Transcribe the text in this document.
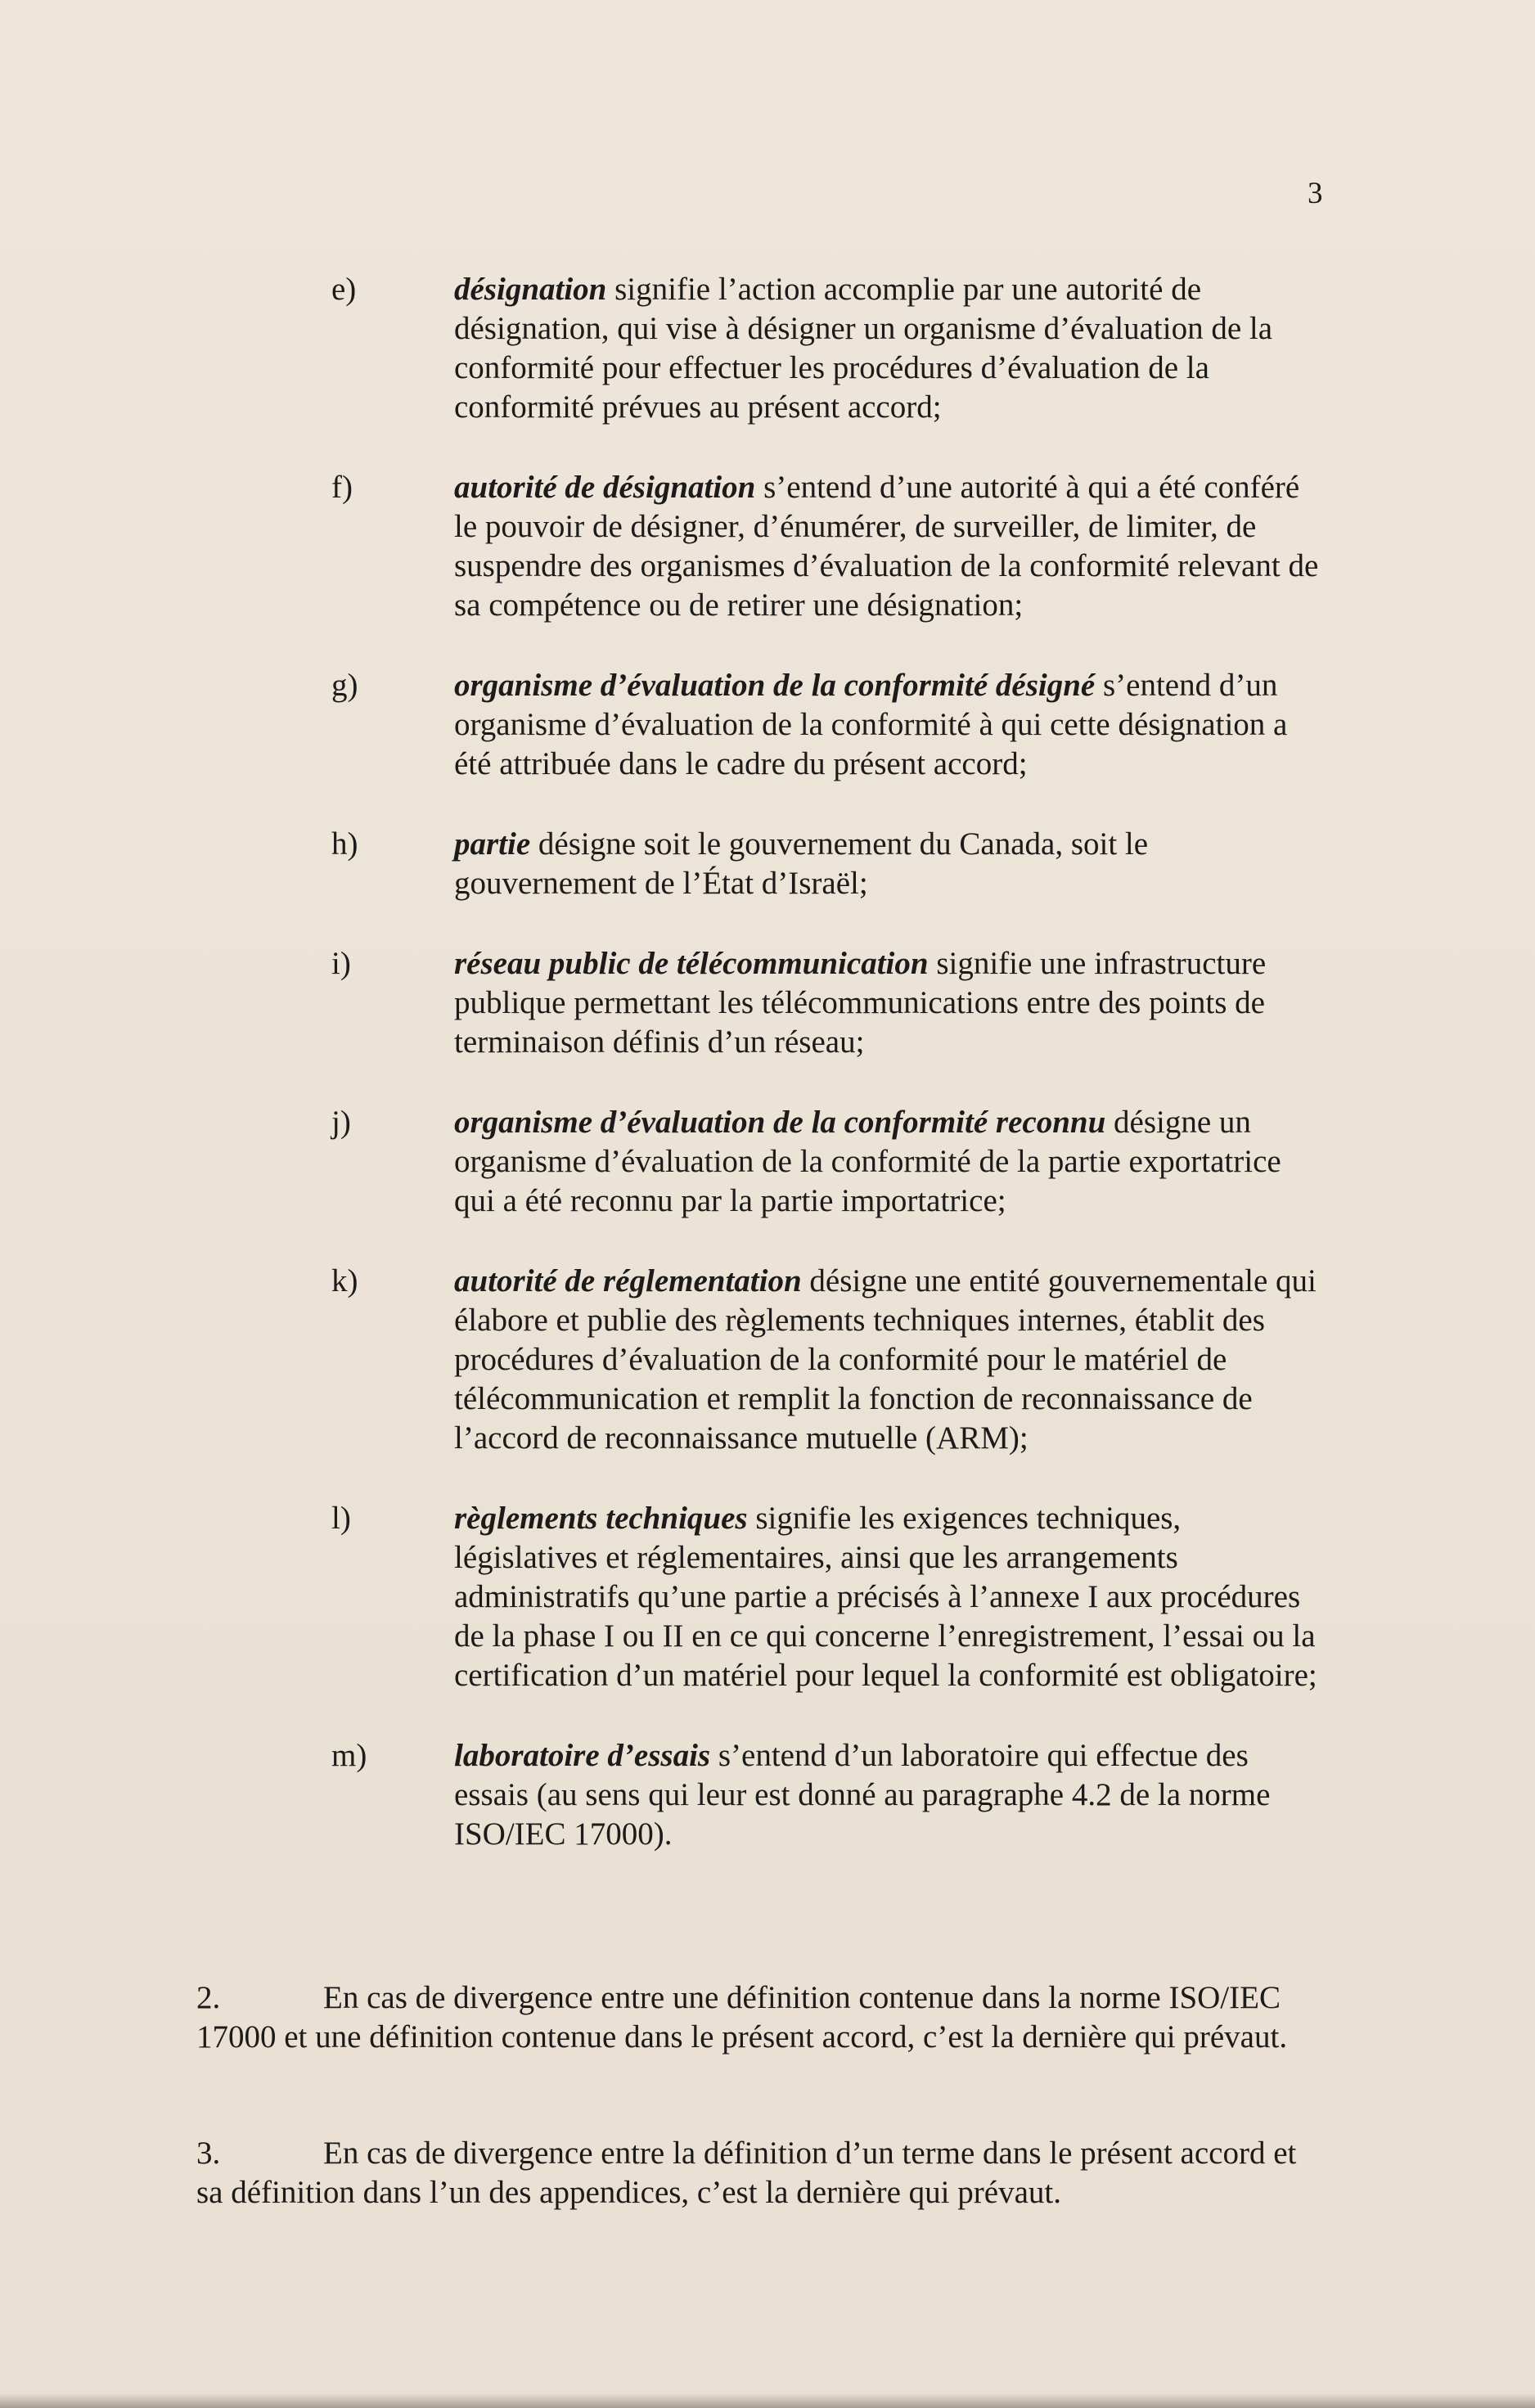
3
e)	désignation signifie l’action accomplie par une autorité de désignation, qui vise à désigner un organisme d’évaluation de la conformité pour effectuer les procédures d’évaluation de la conformité prévues au présent accord;
f)	autorité de désignation s’entend d’une autorité à qui a été conféré le pouvoir de désigner, d’énumérer, de surveiller, de limiter, de suspendre des organismes d’évaluation de la conformité relevant de sa compétence ou de retirer une désignation;
g)	organisme d’évaluation de la conformité désigné s’entend d’un organisme d’évaluation de la conformité à qui cette désignation a été attribuée dans le cadre du présent accord;
h)	partie désigne soit le gouvernement du Canada, soit le gouvernement de l’État d’Israël;
i)	réseau public de télécommunication signifie une infrastructure publique permettant les télécommunications entre des points de terminaison définis d’un réseau;
j)	organisme d’évaluation de la conformité reconnu désigne un organisme d’évaluation de la conformité de la partie exportatrice qui a été reconnu par la partie importatrice;
k)	autorité de réglementation désigne une entité gouvernementale qui élabore et publie des règlements techniques internes, établit des procédures d’évaluation de la conformité pour le matériel de télécommunication et remplit la fonction de reconnaissance de l’accord de reconnaissance mutuelle (ARM);
l)	règlements techniques signifie les exigences techniques, législatives et réglementaires, ainsi que les arrangements administratifs qu’une partie a précisés à l’annexe I aux procédures de la phase I ou II en ce qui concerne l’enregistrement, l’essai ou la certification d’un matériel pour lequel la conformité est obligatoire;
m)	laboratoire d’essais s’entend d’un laboratoire qui effectue des essais (au sens qui leur est donné au paragraphe 4.2 de la norme ISO/IEC 17000).
2.	En cas de divergence entre une définition contenue dans la norme ISO/IEC 17000 et une définition contenue dans le présent accord, c’est la dernière qui prévaut.
3.	En cas de divergence entre la définition d’un terme dans le présent accord et sa définition dans l’un des appendices, c’est la dernière qui prévaut.
